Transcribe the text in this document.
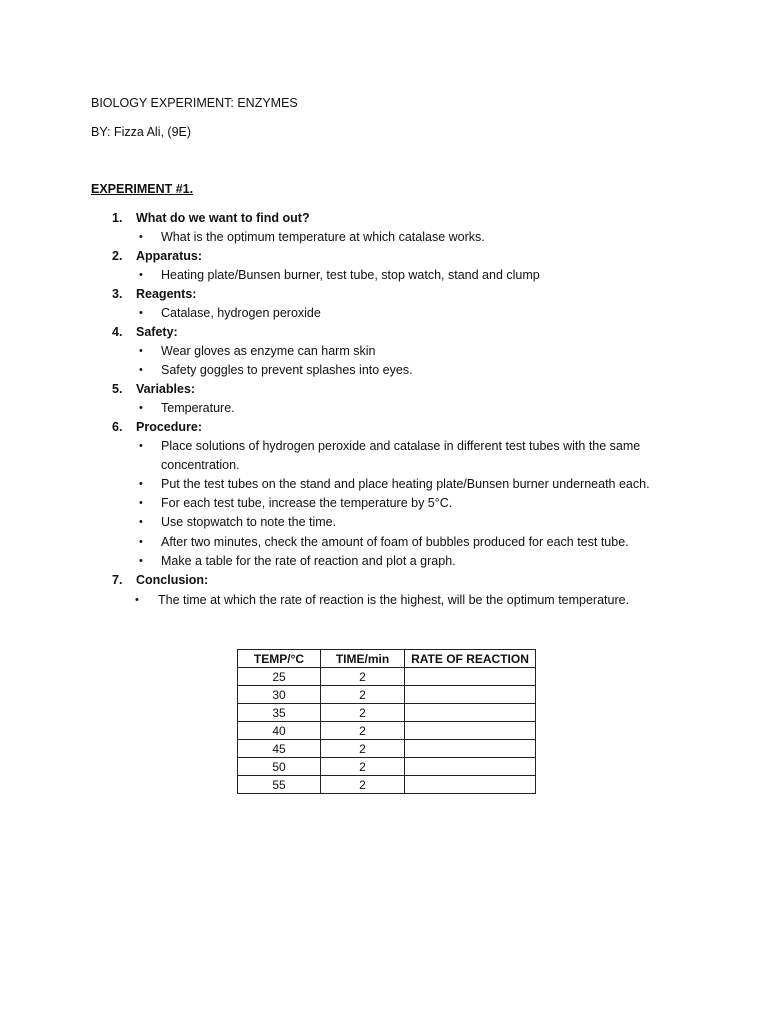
BIOLOGY EXPERIMENT: ENZYMES
BY: Fizza Ali, (9E)
EXPERIMENT #1.
1.	What do we want to find out?
• What is the optimum temperature at which catalase works.
2.	Apparatus:
• Heating plate/Bunsen burner, test tube, stop watch, stand and clump
3.	Reagents:
• Catalase, hydrogen peroxide
4.	Safety:
• Wear gloves as enzyme can harm skin
• Safety goggles to prevent splashes into eyes.
5.	Variables:
• Temperature.
6.	Procedure:
• Place solutions of hydrogen peroxide and catalase in different test tubes with the same
concentration.
• Put the test tubes on the stand and place heating plate/Bunsen burner underneath each.
• For each test tube, increase the temperature by 5°C.
• Use stopwatch to note the time.
• After two minutes, check the amount of foam of bubbles produced for each test tube.
• Make a table for the rate of reaction and plot a graph.
7.	Conclusion:
• The time at which the rate of reaction is the highest, will be the optimum temperature.
TEMP/°C	TIME/min	RATE OF REACTION
25	2	
30	2	
35	2	
40	2	
45	2	
50	2	
55	2	
